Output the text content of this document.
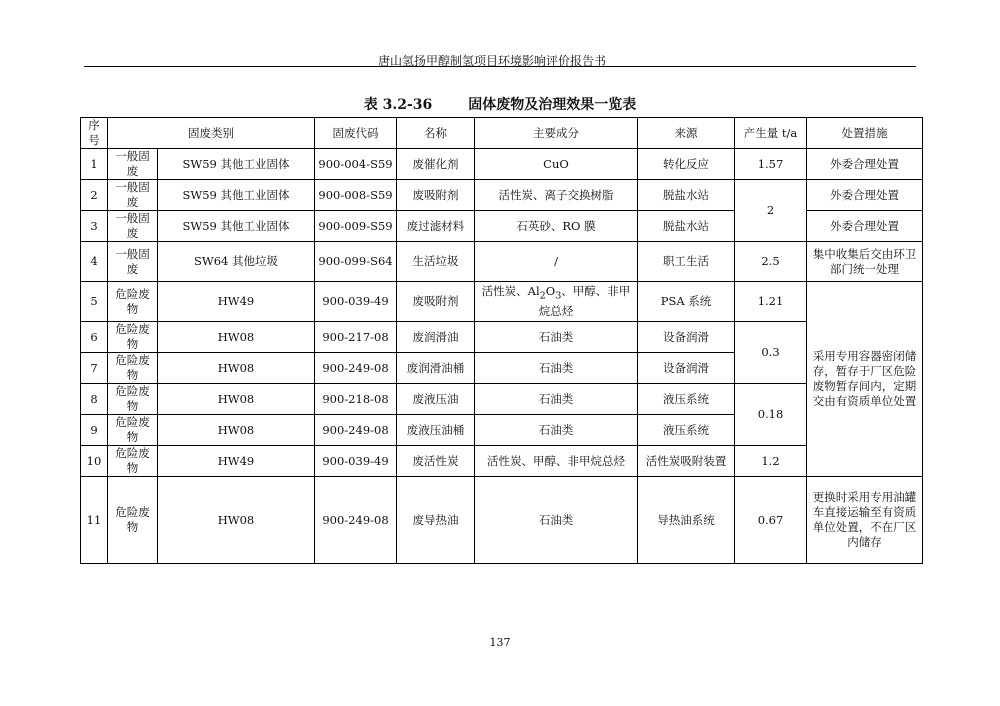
唐山氢扬甲醇制氢项目环境影响评价报告书
表 3.2-36	固体废物及治理效果一览表
序号	固废类别		固废代码	名称	主要成分	来源	产生量 t/a	处置措施
1	一般固废	SW59 其他工业固体	900-004-S59	废催化剂	CuO	转化反应	1.57	外委合理处置
2	一般固废	SW59 其他工业固体	900-008-S59	废吸附剂	活性炭、离子交换树脂	脱盐水站	2	外委合理处置
3	一般固废	SW59 其他工业固体	900-009-S59	废过滤材料	石英砂、RO 膜	脱盐水站		外委合理处置
4	一般固废	SW64 其他垃圾	900-099-S64	生活垃圾	/	职工生活	2.5	集中收集后交由环卫部门统一处理
5	危险废物	HW49	900-039-49	废吸附剂	活性炭、$Al_2O_3$、甲醇、非甲烷总烃	PSA 系统	1.21	采用专用容器密闭储存，暂存于厂区危险废物暂存间内，定期交由有资质单位处置
6	危险废物	HW08	900-217-08	废润滑油	石油类	设备润滑	0.3	
7	危险废物	HW08	900-249-08	废润滑油桶	石油类	设备润滑		
8	危险废物	HW08	900-218-08	废液压油	石油类	液压系统	0.18	
9	危险废物	HW08	900-249-08	废液压油桶	石油类	液压系统		
10	危险废物	HW49	900-039-49	废活性炭	活性炭、甲醇、非甲烷总烃	活性炭吸附装置	1.2	
11	危险废物	HW08	900-249-08	废导热油	石油类	导热油系统	0.67	更换时采用专用油罐车直接运输至有资质单位处置，不在厂区内储存
137
